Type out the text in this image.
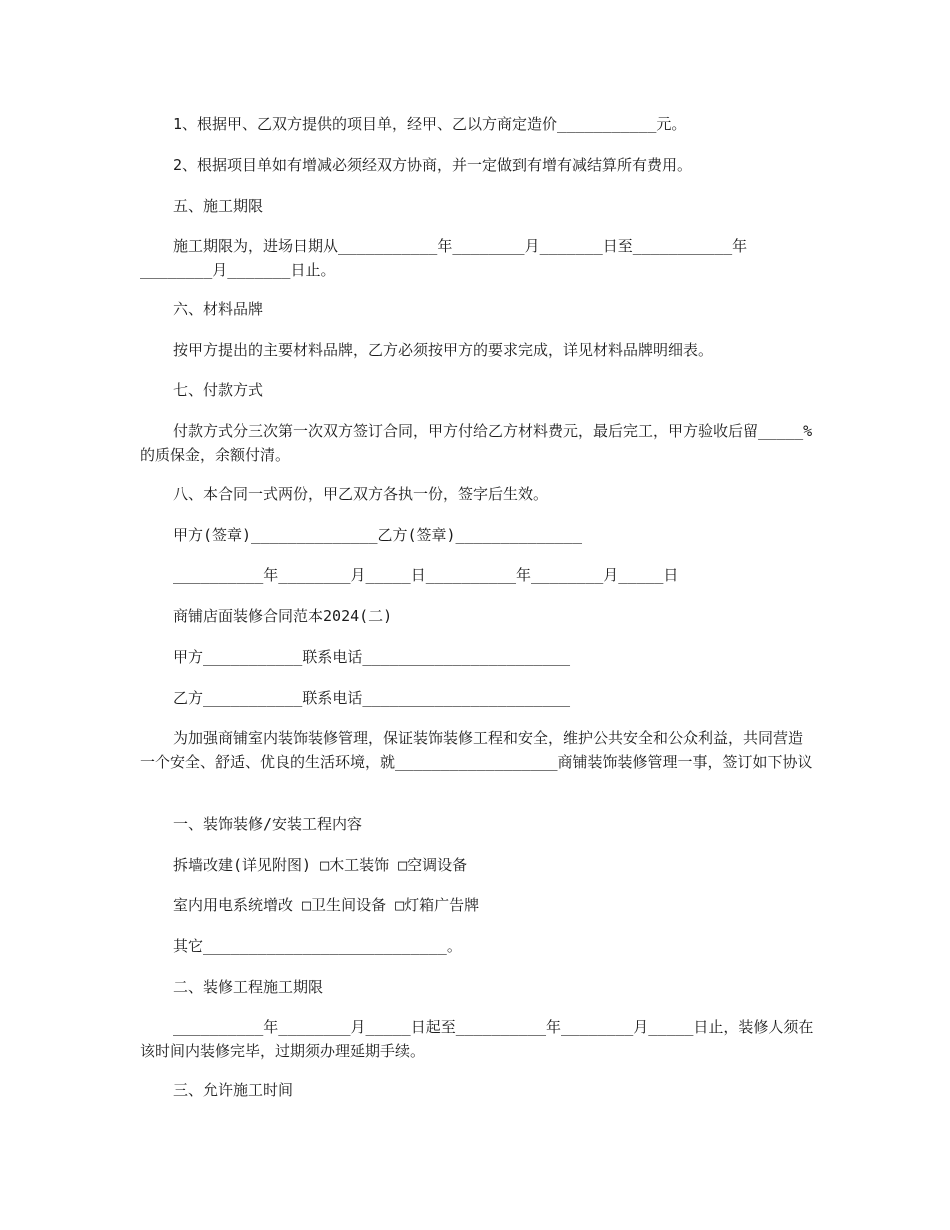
1、根据甲、乙双方提供的项目单，经甲、乙以方商定造价___________元。

2、根据项目单如有增减必须经双方协商，并一定做到有增有减结算所有费用。

五、施工期限

施工期限为，进场日期从___________年________月_______日至___________年________月_______日止。

六、材料品牌

按甲方提出的主要材料品牌，乙方必须按甲方的要求完成，详见材料品牌明细表。

七、付款方式

付款方式分三次第一次双方签订合同，甲方付给乙方材料费元，最后完工，甲方验收后留_____%的质保金，余额付清。

八、本合同一式两份，甲乙双方各执一份，签字后生效。

甲方(签章)______________乙方(签章)______________

__________年________月_____日__________年________月_____日

商铺店面装修合同范本2024(二)

甲方___________联系电话_______________________

乙方___________联系电话_______________________

为加强商铺室内装饰装修管理，保证装饰装修工程和安全，维护公共安全和公众利益，共同营造一个安全、舒适、优良的生活环境，就__________________商铺装饰装修管理一事，签订如下协议

一、装饰装修/安装工程内容

拆墙改建(详见附图) □木工装饰 □空调设备

室内用电系统增改 □卫生间设备 □灯箱广告牌

其它___________________________。

二、装修工程施工期限

__________年________月_____日起至__________年________月_____日止，装修人须在该时间内装修完毕，过期须办理延期手续。

三、允许施工时间
